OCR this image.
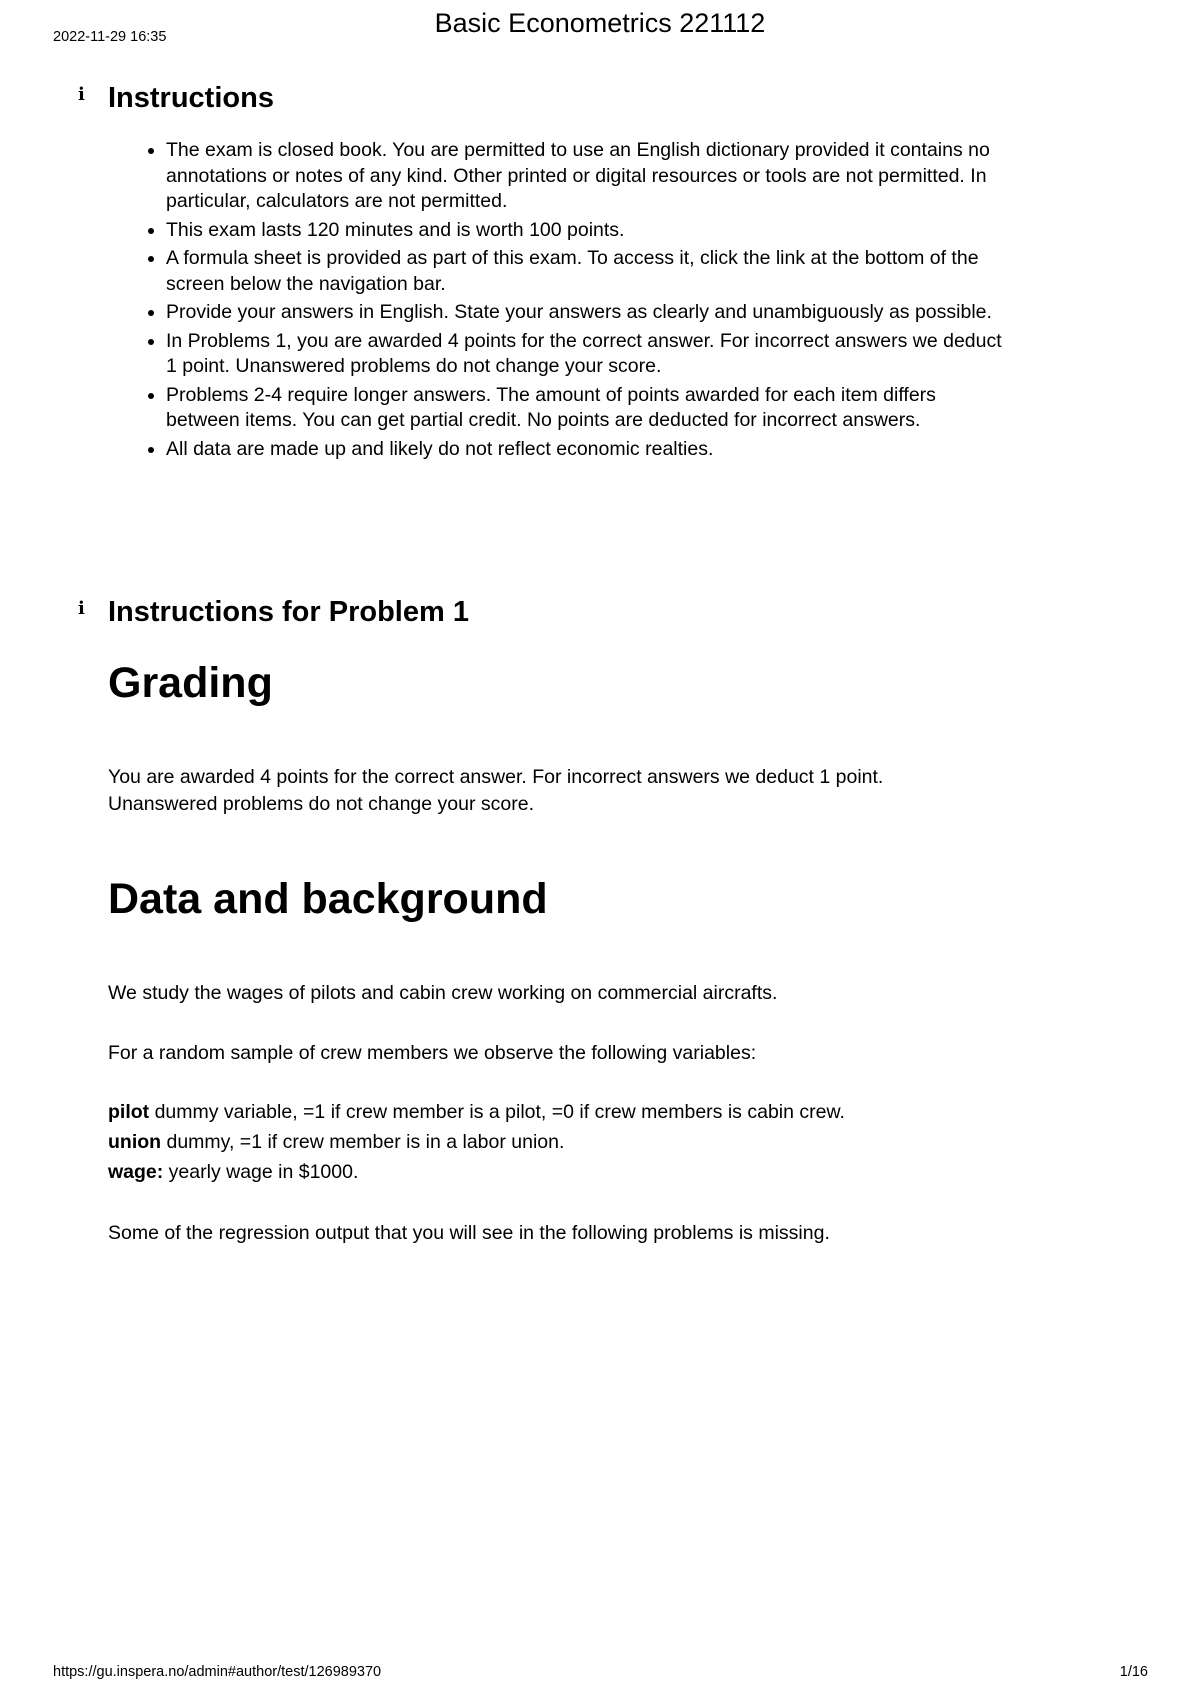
2022-11-29 16:35	Basic Econometrics 221112
i Instructions
• The exam is closed book. You are permitted to use an English dictionary provided it contains no annotations or notes of any kind. Other printed or digital resources or tools are not permitted. In particular, calculators are not permitted.
• This exam lasts 120 minutes and is worth 100 points.
• A formula sheet is provided as part of this exam. To access it, click the link at the bottom of the screen below the navigation bar.
• Provide your answers in English. State your answers as clearly and unambiguously as possible.
• In Problems 1, you are awarded 4 points for the correct answer. For incorrect answers we deduct 1 point. Unanswered problems do not change your score.
• Problems 2-4 require longer answers. The amount of points awarded for each item differs between items. You can get partial credit. No points are deducted for incorrect answers.
• All data are made up and likely do not reflect economic realties.
i Instructions for Problem 1
Grading

You are awarded 4 points for the correct answer. For incorrect answers we deduct 1 point.

Unanswered problems do not change your score.

Data and background

We study the wages of pilots and cabin crew working on commercial aircrafts.

For a random sample of crew members we observe the following variables:

pilot dummy variable, =1 if crew member is a pilot, =0 if crew members is cabin crew.
union dummy, =1 if crew member is in a labor union.
wage: yearly wage in $1000.

Some of the regression output that you will see in the following problems is missing.

https://gu.inspera.no/admin#author/test/126989370	1/16
